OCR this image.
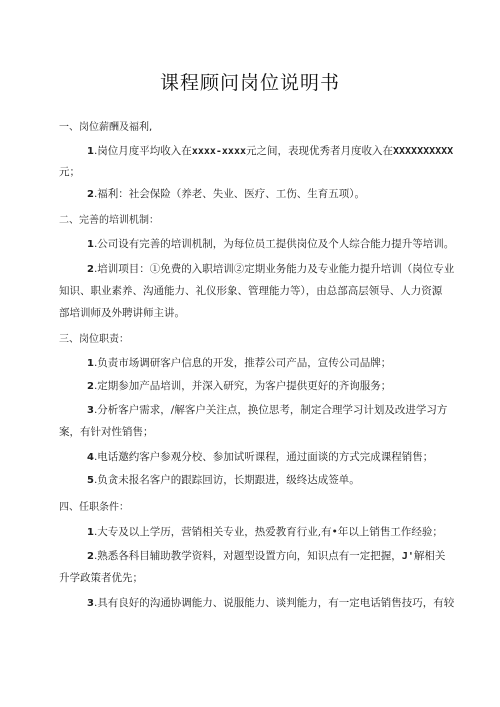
课程顾问岗位说明书
一、岗位薪酬及福利,
1.岗位月度平均收入在xxxx-xxxx元之间，表现优秀者月度收入在XXXXXXXXXX
元；
2.福利：社会保险（养老、失业、医疗、工伤、生育五项）。
二、完善的培训机制：
1.公司设有完善的培训机制，为每位员工提供岗位及个人综合能力提升等培训。
2.培训项目：①免费的入职培训②定期业务能力及专业能力提升培训（岗位专业
知识、职业素养、沟通能力、礼仪形象、管理能力等），由总部高层领导、人力资源
部培训师及外聘讲师主讲。
三、岗位职责：
1.负责市场调研客户信息的开发，推荐公司产品，宣传公司品牌；
2.定期参加产品培训，并深入研究，为客户提供更好的齐询服务；
3.分析客户需求，/解客户关注点，换位思考，制定合理学习计划及改进学习方
案，有针对性销售；
4.电话邀约客户参观分校、参加试听课程，通过面谈的方式完成课程销售；
5.负贪未报名客户的跟踪回访，长期跟进，级终达成签单。
四、任职条件：
1.大专及以上学历，营销相关专业，热爱教育行业,有•年以上销售工作经验；
2.熟悉各科目辅助教学资料，对题型设置方向，知识点有一定把握，J'解相关
升学政策者优先；
3.具有良好的沟通协调能力、说服能力、谈判能力，有一定电话销售技巧，有较
